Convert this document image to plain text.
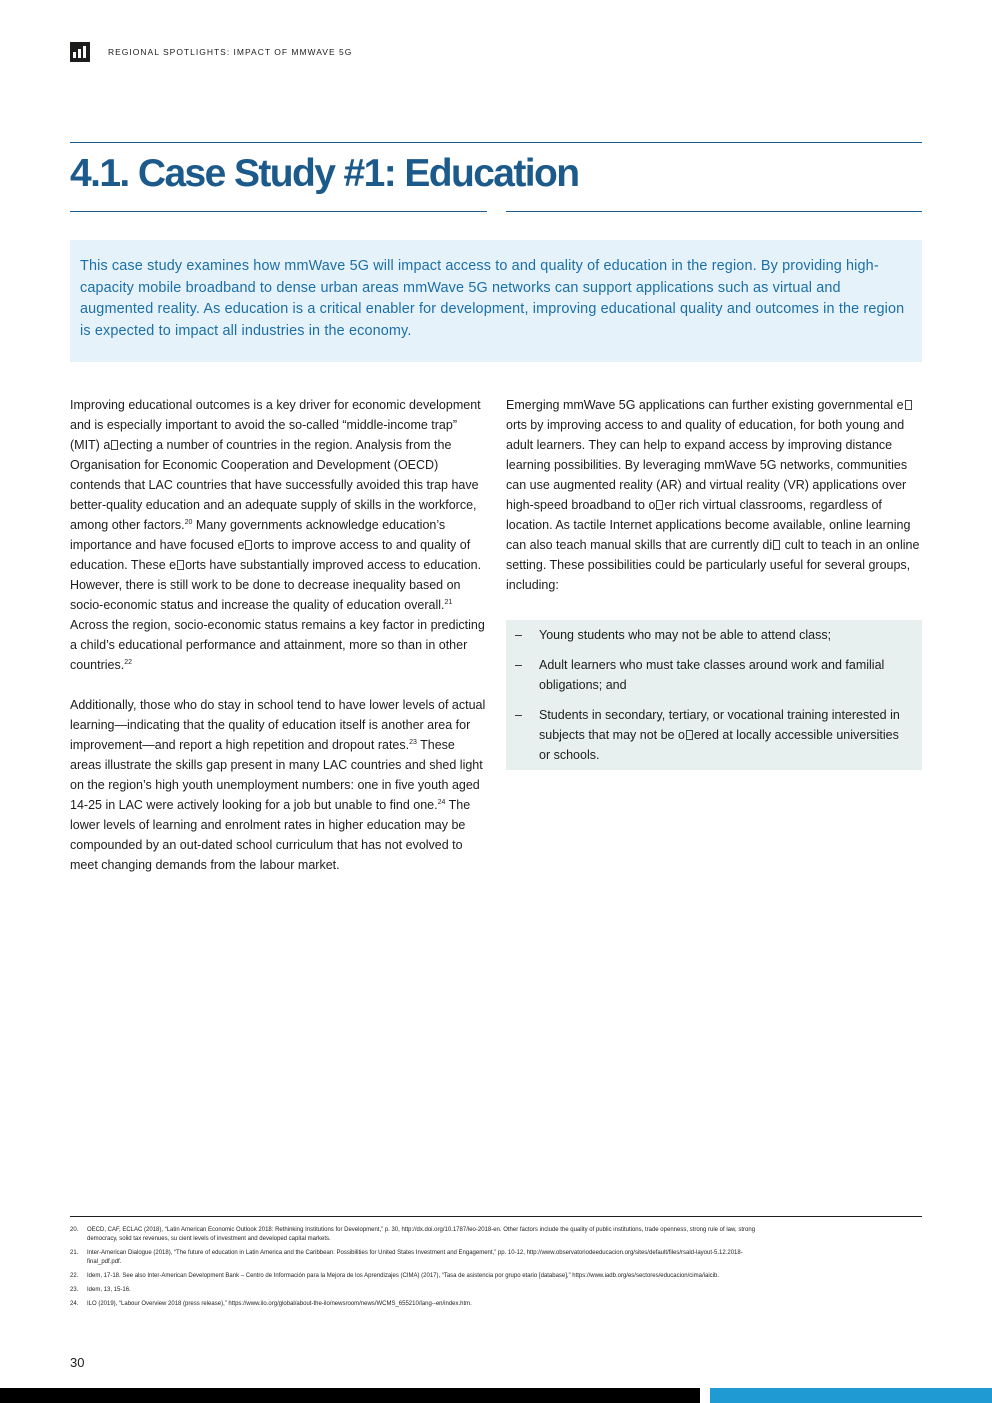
REGIONAL SPOTLIGHTS: IMPACT OF MMWAVE 5G
4.1. Case Study #1: Education

This case study examines how mmWave 5G will impact access to and quality of education in the region. By providing high-capacity mobile broadband to dense urban areas mmWave 5G networks can support applications such as virtual and augmented reality. As education is a critical enabler for development, improving educational quality and outcomes in the region is expected to impact all industries in the economy.

Improving educational outcomes is a key driver for economic development and is especially important to avoid the so-called “middle-income trap” (MIT) a ecting a number of countries in the region. Analysis from the Organisation for Economic Cooperation and Development (OECD) contends that LAC countries that have successfully avoided this trap have better-quality education and an adequate supply of skills in the workforce, among other factors.$^{20}$ Many governments acknowledge education’s importance and have focused e orts to improve access to and quality of education. These e orts have substantially improved access to education. However, there is still work to be done to decrease inequality based on socio-economic status and increase the quality of education overall.$^{21}$ Across the region, socio-economic status remains a key factor in predicting a child’s educational performance and attainment, more so than in other countries.$^{22}$

Additionally, those who do stay in school tend to have lower levels of actual learning—indicating that the quality of education itself is another area for improvement—and report a high repetition and dropout rates.$^{23}$ These areas illustrate the skills gap present in many LAC countries and shed light on the region’s high youth unemployment numbers: one in five youth aged 14-25 in LAC were actively looking for a job but unable to find one.$^{24}$ The lower levels of learning and enrolment rates in higher education may be compounded by an out-dated school curriculum that has not evolved to meet changing demands from the labour market.

Emerging mmWave 5G applications can further existing governmental eorts by improving access to and quality of education, for both young and adult learners. They can help to expand access by improving distance learning possibilities. By leveraging mmWave 5G networks, communities can use augmented reality (AR) and virtual reality (VR) applications over high-speed broadband to o er rich virtual classrooms, regardless of location. As tactile Internet applications become available, online learning can also teach manual skills that are currently di cult to teach in an online setting. These possibilities could be particularly useful for several groups, including:

– Young students who may not be able to attend class;
– Adult learners who must take classes around work and familial obligations; and
– Students in secondary, tertiary, or vocational training interested in subjects that may not be o ered at locally accessible universities or schools.
20. OECD, CAF, ECLAC (2018), “Latin American Economic Outlook 2018: Rethinking Institutions for Development,” p. 30, http://dx.doi.org/10.1787/leo-2018-en. Other factors include the quality of public institutions, trade openness, strong rule of law, strong democracy, solid tax revenues, su cient levels of investment and developed capital markets.
21. Inter-American Dialogue (2018), “The future of education in Latin America and the Caribbean: Possibilities for United States Investment and Engagement,” pp. 10-12, http://www.observatoriodeeducacion.org/sites/default/files/rsald-layout-5.12.2018-final_pdf.pdf.
22. Idem, 17-18. See also Inter-American Development Bank – Centro de Información para la Mejora de los Aprendizajes (CIMA) (2017), “Tasa de asistencia por grupo etario [database],” https://www.iadb.org/es/sectores/educacion/cima/iaicib.
23. Idem, 13, 15-16.
24. ILO (2019), “Labour Overview 2018 (press release),” https://www.ilo.org/global/about-the-ilo/newsroom/news/WCMS_655210/lang--en/index.htm.
30
